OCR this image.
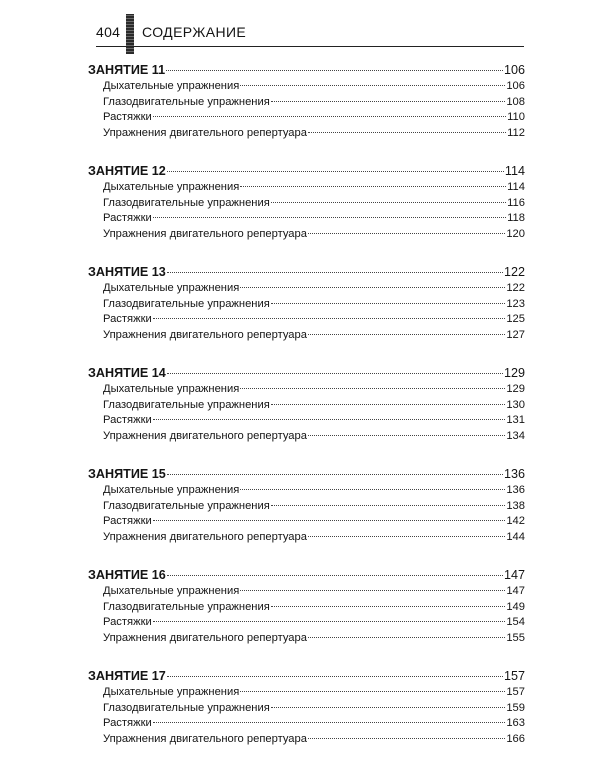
404 СОДЕРЖАНИЕ
ЗАНЯТИЕ 11	106
Дыхательные упражнения	106
Глазодвигательные упражнения	108
Растяжки	110
Упражнения двигательного репертуара	112
ЗАНЯТИЕ 12	114
Дыхательные упражнения	114
Глазодвигательные упражнения	116
Растяжки	118
Упражнения двигательного репертуара	120
ЗАНЯТИЕ 13	122
Дыхательные упражнения	122
Глазодвигательные упражнения	123
Растяжки	125
Упражнения двигательного репертуара	127
ЗАНЯТИЕ 14	129
Дыхательные упражнения	129
Глазодвигательные упражнения	130
Растяжки	131
Упражнения двигательного репертуара	134
ЗАНЯТИЕ 15	136
Дыхательные упражнения	136
Глазодвигательные упражнения	138
Растяжки	142
Упражнения двигательного репертуара	144
ЗАНЯТИЕ 16	147
Дыхательные упражнения	147
Глазодвигательные упражнения	149
Растяжки	154
Упражнения двигательного репертуара	155
ЗАНЯТИЕ 17	157
Дыхательные упражнения	157
Глазодвигательные упражнения	159
Растяжки	163
Упражнения двигательного репертуара	166
